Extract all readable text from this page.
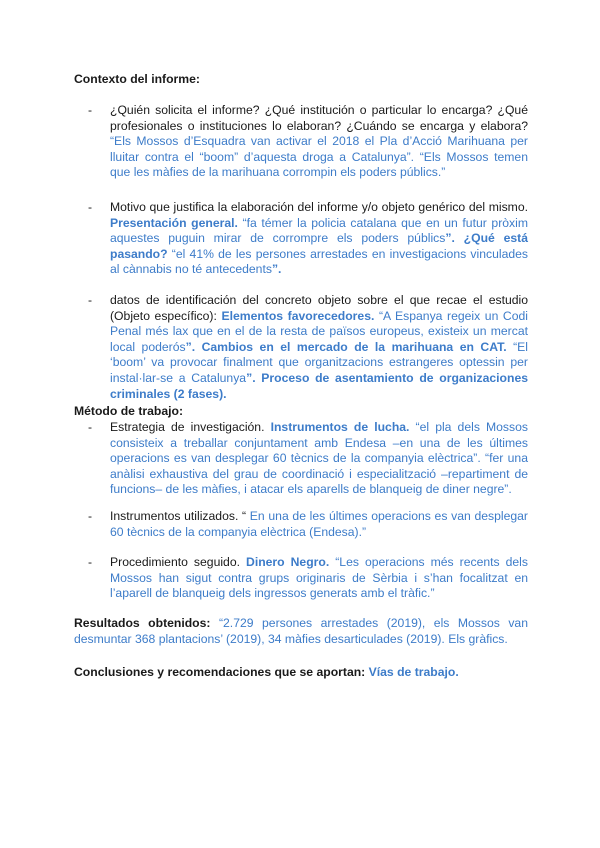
Contexto del informe:

- ¿Quién solicita el informe? ¿Qué institución o particular lo encarga? ¿Qué profesionales o instituciones lo elaboran? ¿Cuándo se encarga y elabora? “Els Mossos d’Esquadra van activar el 2018 el Pla d’Acció Marihuana per lluitar contra el “boom” d’aquesta droga a Catalunya”. “Els Mossos temen que les màfies de la marihuana corrompin els poders públics.”
- Motivo que justifica la elaboración del informe y/o objeto genérico del mismo. Presentación general. “fa témer la policia catalana que en un futur pròxim aquestes puguin mirar de corrompre els poders públics”. ¿Qué está pasando? “el 41% de les persones arrestades en investigacions vinculades al cànnabis no té antecedents”.
- datos de identificación del concreto objeto sobre el que recae el estudio (Objeto específico): Elementos favorecedores. “A Espanya regeix un Codi Penal més lax que en el de la resta de països europeus, existeix un mercat local poderós”. Cambios en el mercado de la marihuana en CAT. “El ‘boom’ va provocar finalment que organitzacions estrangeres optessin per instal·lar-se a Catalunya”. Proceso de asentamiento de organizaciones criminales (2 fases).

Método de trabajo:

- Estrategia de investigación. Instrumentos de lucha. “el pla dels Mossos consisteix a treballar conjuntament amb Endesa –en una de les últimes operacions es van desplegar 60 tècnics de la companyia elèctrica”. “fer una anàlisi exhaustiva del grau de coordinació i especialització –repartiment de funcions– de les màfies, i atacar els aparells de blanqueig de diner negre”.
- Instrumentos utilizados. “ En una de les últimes operacions es van desplegar 60 tècnics de la companyia elèctrica (Endesa).”
- Procedimiento seguido. Dinero Negro. “Les operacions més recents dels Mossos han sigut contra grups originaris de Sèrbia i s’han focalitzat en l’aparell de blanqueig dels ingressos generats amb el tràfic.”
Resultados obtenidos: “2.729 persones arrestades (2019), els Mossos van desmuntar 368 plantacions’ (2019), 34 màfies desarticulades (2019). Els gràfics.
Conclusiones y recomendaciones que se aportan: Vías de trabajo.
